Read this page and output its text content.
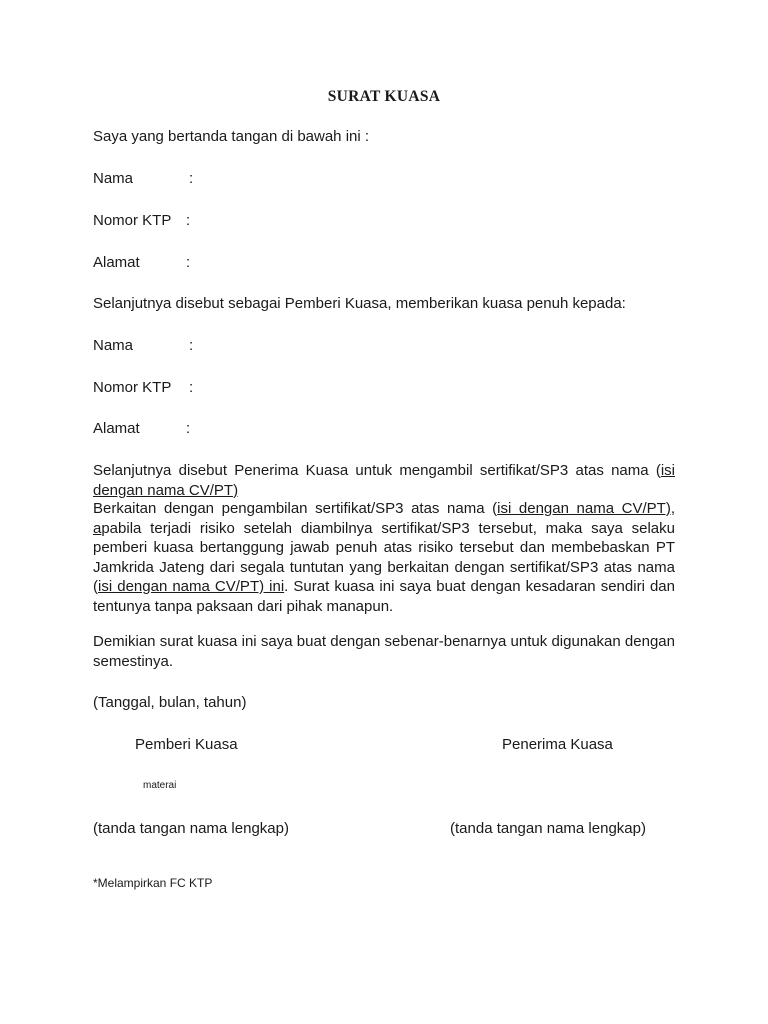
SURAT KUASA
Saya yang bertanda tangan di bawah ini :
Nama	:
Nomor KTP :
Alamat	:
Selanjutnya disebut sebagai Pemberi Kuasa, memberikan kuasa penuh kepada:
Nama	:
Nomor KTP :
Alamat	:
Selanjutnya disebut Penerima Kuasa untuk mengambil sertifikat/SP3 atas nama (isi dengan nama CV/PT)
Berkaitan dengan pengambilan sertifikat/SP3 atas nama (isi dengan nama CV/PT), apabila terjadi risiko setelah diambilnya sertifikat/SP3 tersebut, maka saya selaku pemberi kuasa bertanggung jawab penuh atas risiko tersebut dan membebaskan PT Jamkrida Jateng dari segala tuntutan yang berkaitan dengan sertifikat/SP3 atas nama (isi dengan nama CV/PT) ini. Surat kuasa ini saya buat dengan kesadaran sendiri dan tentunya tanpa paksaan dari pihak manapun.
Demikian surat kuasa ini saya buat dengan sebenar-benarnya untuk digunakan dengan semestinya.
(Tanggal, bulan, tahun)
Pemberi Kuasa	Penerima Kuasa
materai
(tanda tangan nama lengkap)	(tanda tangan nama lengkap)
*Melampirkan FC KTP
